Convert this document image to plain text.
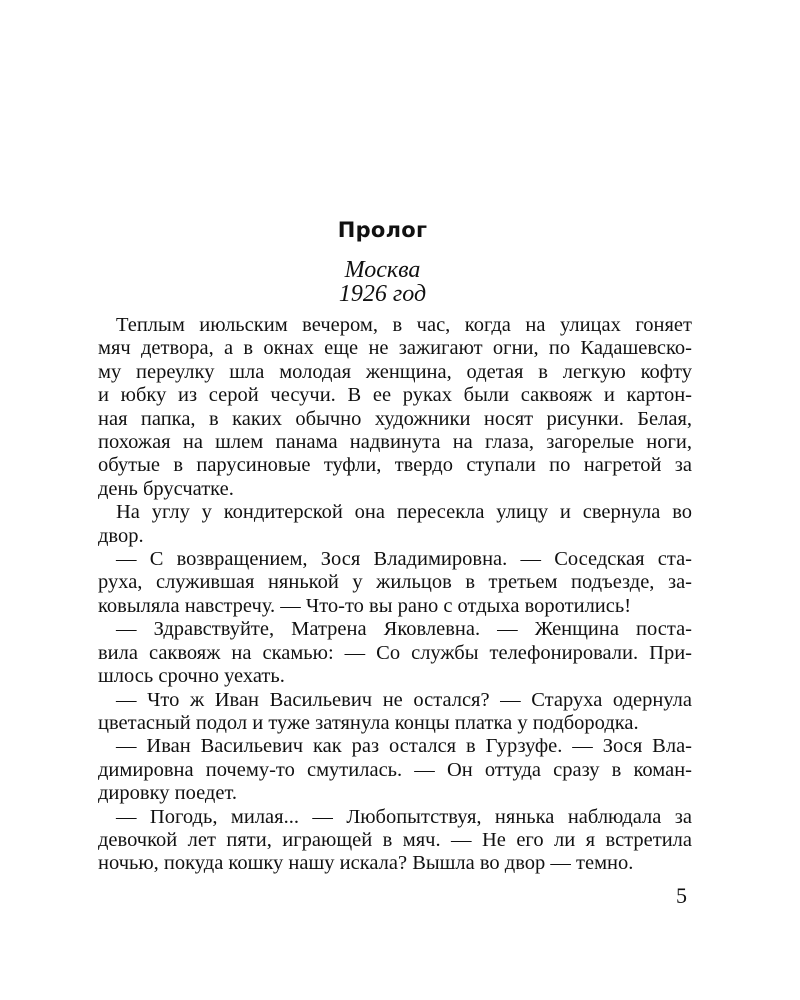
Пролог
Москва
1926 год

Теплым июльским вечером, в час, когда на улицах гоняет
мяч детвора, а в окнах еще не зажигают огни, по Кадашевско-
му переулку шла молодая женщина, одетая в легкую кофту
и юбку из серой чесучи. В ее руках были саквояж и картон-
ная папка, в каких обычно художники носят рисунки. Белая,
похожая на шлем панама надвинута на глаза, загорелые ноги,
обутые в парусиновые туфли, твердо ступали по нагретой за
день брусчатке.

На углу у кондитерской она пересекла улицу и свернула во
двор.

— С возвращением, Зося Владимировна. — Соседская ста-
руха, служившая нянькой у жильцов в третьем подъезде, за-
ковыляла навстречу. — Что-то вы рано с отдыха воротились!

— Здравствуйте, Матрена Яковлевна. — Женщина поста-
вила саквояж на скамью: — Со службы телефонировали. При-
шлось срочно уехать.

— Что ж Иван Васильевич не остался? — Старуха одернула
цветасный подол и туже затянула концы платка у подбородка.

— Иван Васильевич как раз остался в Гурзуфе. — Зося Вла-
димировна почему-то смутилась. — Он оттуда сразу в коман-
дировку поедет.

— Погодь, милая... — Любопытствуя, нянька наблюдала за
девочкой лет пяти, играющей в мяч. — Не его ли я встретила
ночью, покуда кошку нашу искала? Вышла во двор — темно.

5
